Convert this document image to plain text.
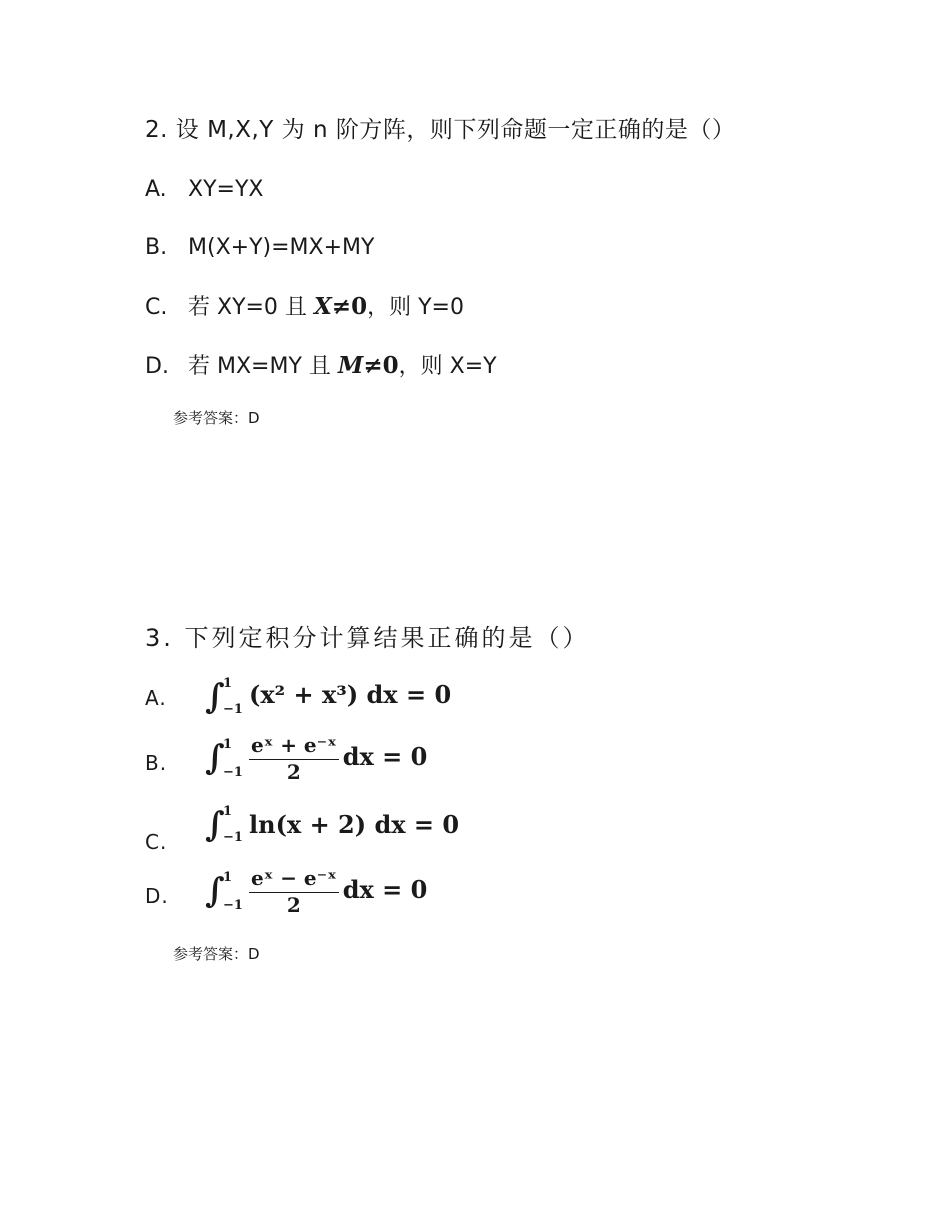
2. 设 M,X,Y 为 n 阶方阵，则下列命题一定正确的是（）
A. XY=YX
B. M(X+Y)=MX+MY
C. 若 XY=0 且 X≠0，则 Y=0
D. 若 MX=MY 且 M≠0，则 X=Y
参考答案：D
3. 下列定积分计算结果正确的是（）
A. ∫
1
−1
(x² + x³) dx = 0
B. ∫
1
$-1 \frac{\text{eˣ + e⁻ˣ}}{2}$ dx = 0
C. ∫
1
−1 ln(x + 2) dx = 0
D. ∫
1
$-1 \frac{\text{eˣ − e⁻ˣ}}{2}$ dx = 0
参考答案：D
